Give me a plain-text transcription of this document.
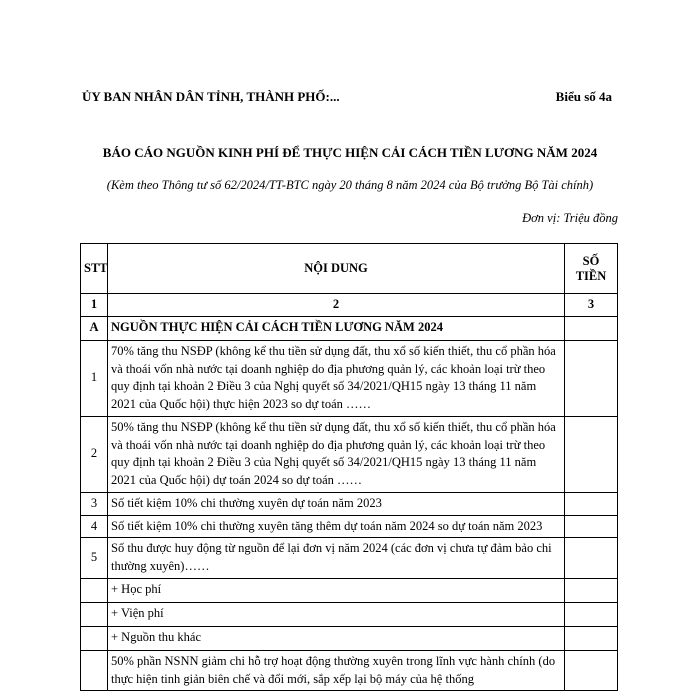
ỦY BAN NHÂN DÂN TỈNH, THÀNH PHỐ:...	Biểu số 4a
BÁO CÁO NGUỒN KINH PHÍ ĐỂ THỰC HIỆN CẢI CÁCH TIỀN LƯƠNG NĂM 2024
(Kèm theo Thông tư số 62/2024/TT-BTC ngày 20 tháng 8 năm 2024 của Bộ trưởng Bộ Tài chính)
Đơn vị: Triệu đồng
STT	NỘI DUNG	SỐ TIỀN
1	2	3
A	NGUỒN THỰC HIỆN CẢI CÁCH TIỀN LƯƠNG NĂM 2024	
1	70% tăng thu NSĐP (không kể thu tiền sử dụng đất, thu xổ số kiến thiết, thu cổ phần hóa và thoái vốn nhà nước tại doanh nghiệp do địa phương quản lý, các khoản loại trừ theo quy định tại khoản 2 Điều 3 của Nghị quyết số 34/2021/QH15 ngày 13 tháng 11 năm 2021 của Quốc hội) thực hiện 2023 so dự toán ……	
2	50% tăng thu NSĐP (không kể thu tiền sử dụng đất, thu xổ số kiến thiết, thu cổ phần hóa và thoái vốn nhà nước tại doanh nghiệp do địa phương quản lý, các khoản loại trừ theo quy định tại khoản 2 Điều 3 của Nghị quyết số 34/2021/QH15 ngày 13 tháng 11 năm 2021 của Quốc hội) dự toán 2024 so dự toán ……	
3	Số tiết kiệm 10% chi thường xuyên dự toán năm 2023	
4	Số tiết kiệm 10% chi thường xuyên tăng thêm dự toán năm 2024 so dự toán năm 2023	
5	Số thu được huy động từ nguồn để lại đơn vị năm 2024 (các đơn vị chưa tự đảm bảo chi thường xuyên)……	
	+ Học phí	
	+ Viện phí	
	+ Nguồn thu khác	
	50% phần NSNN giảm chi hỗ trợ hoạt động thường xuyên trong lĩnh vực hành chính (do thực hiện tinh giản biên chế và đổi mới, sắp xếp lại bộ máy của hệ thống	
